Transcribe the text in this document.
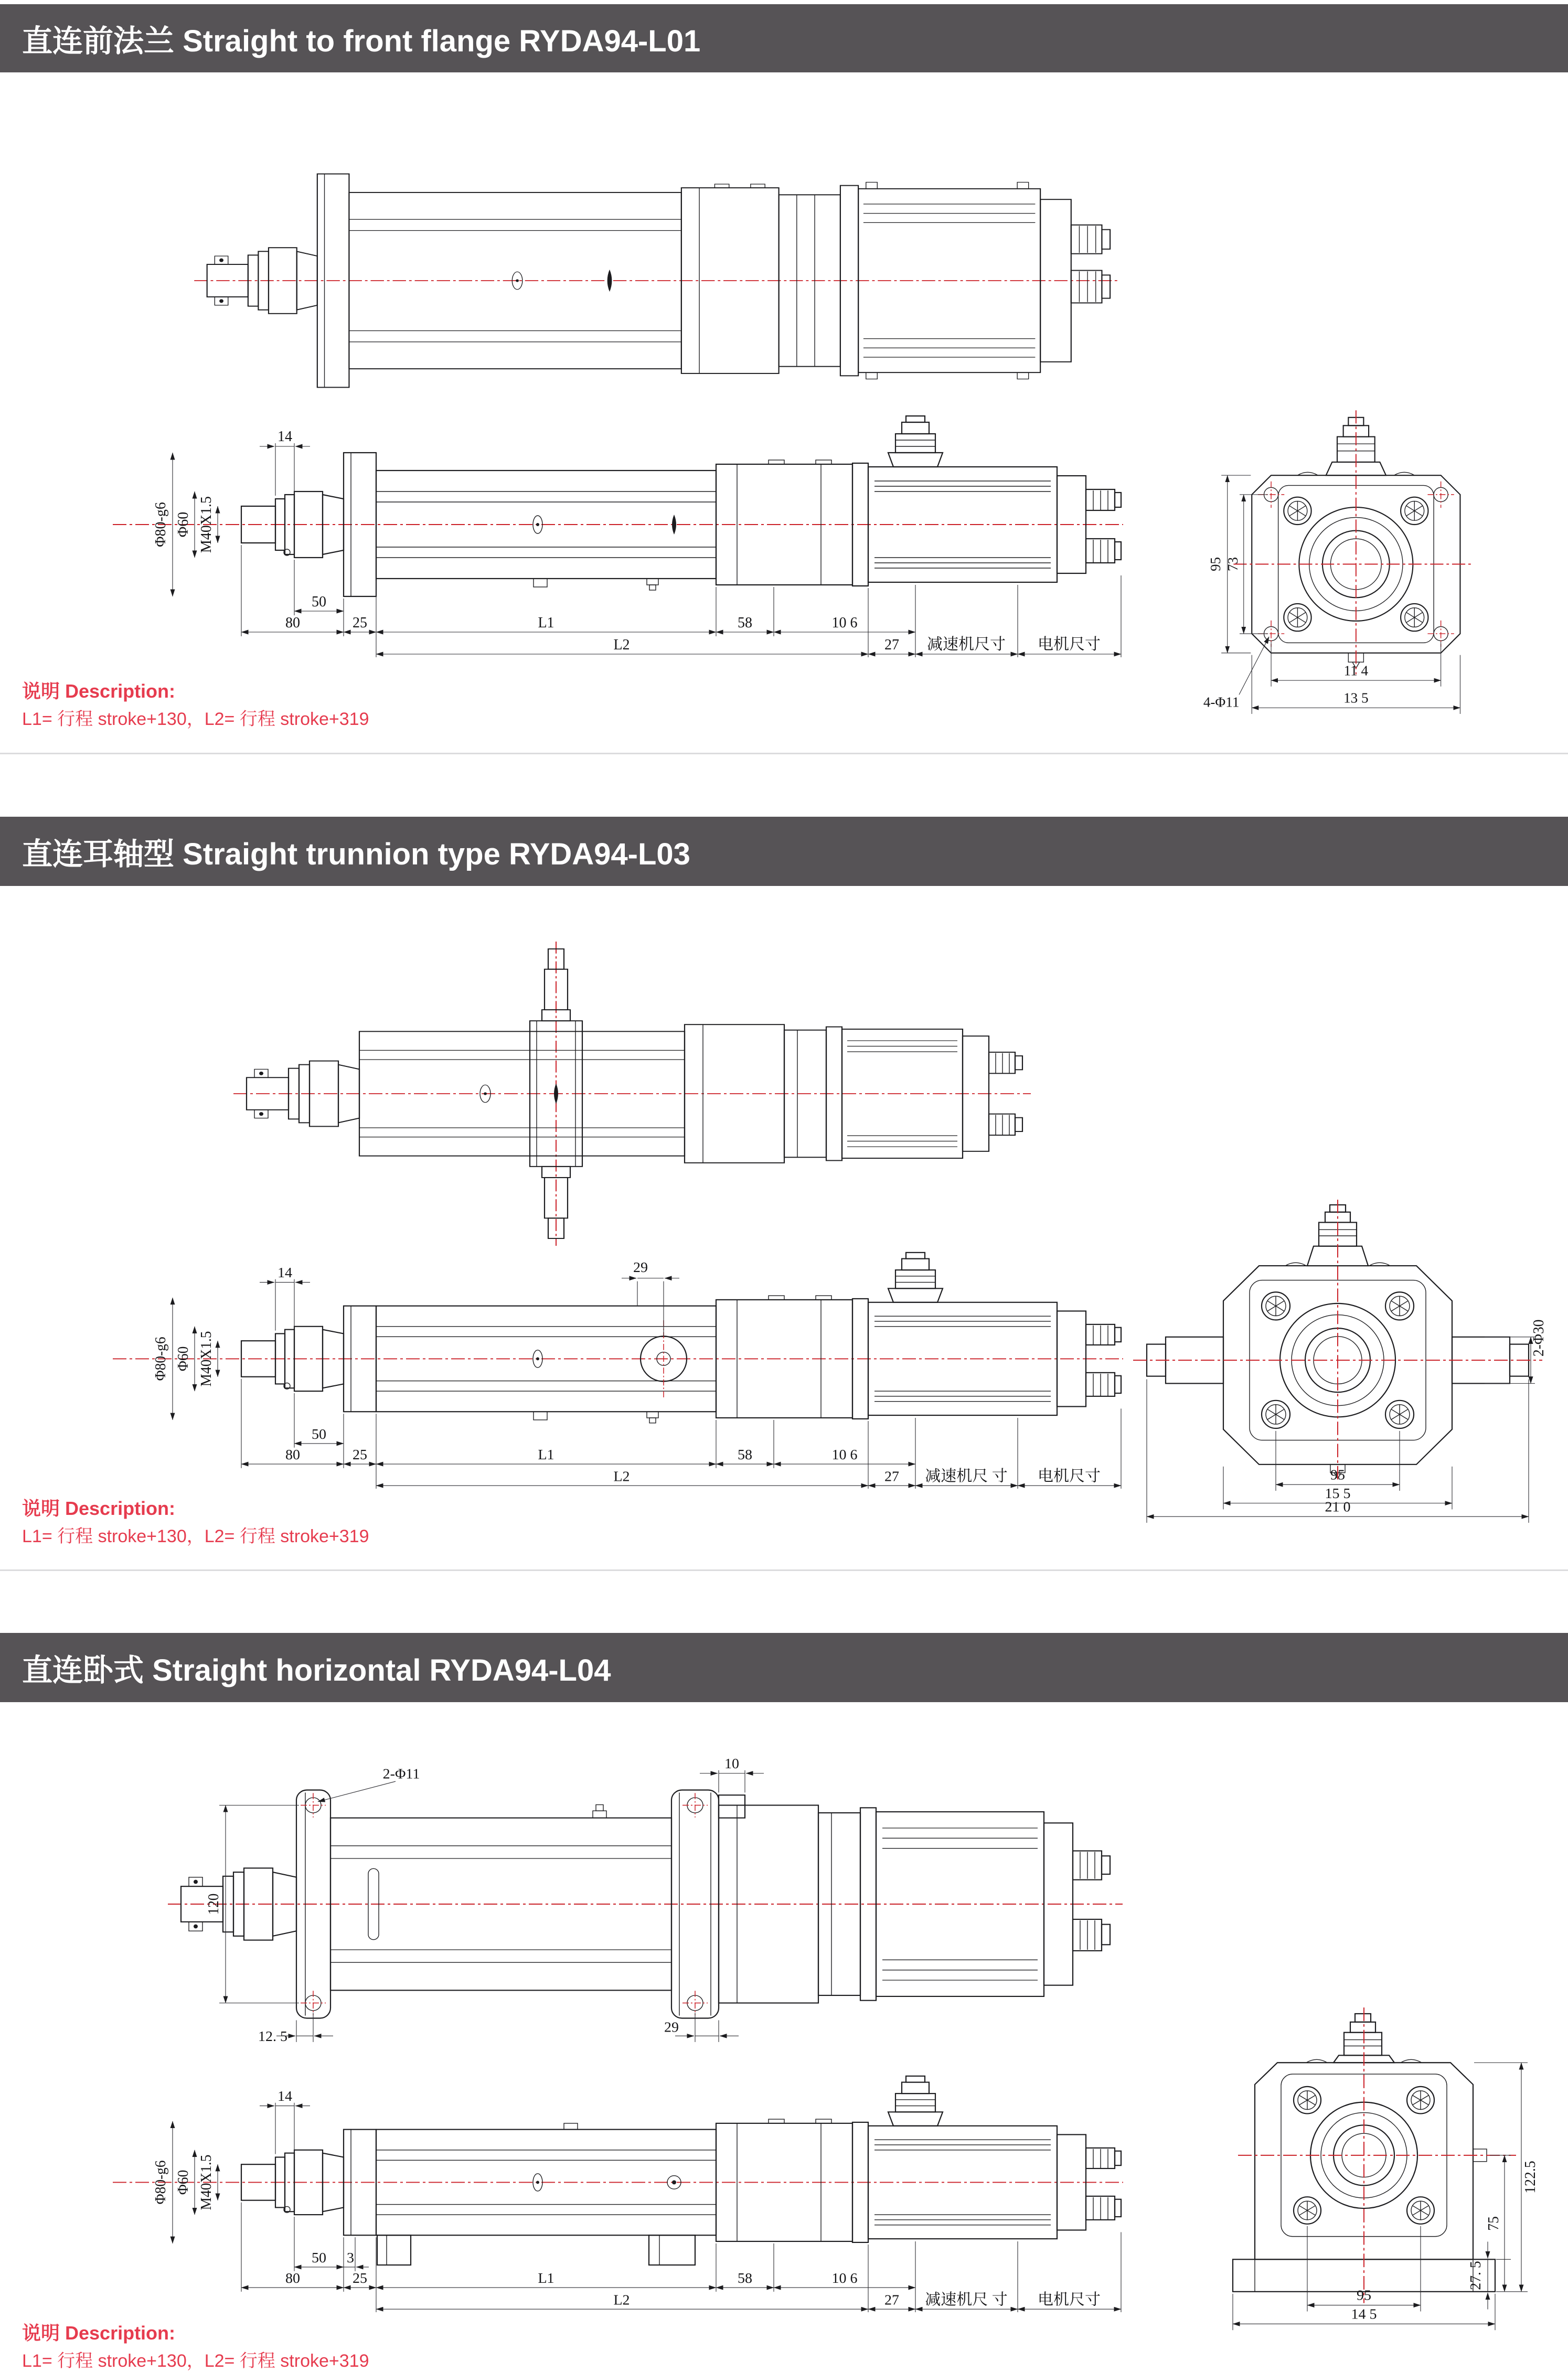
直连前法兰 Straight to front flange RYDA94-L01
Φ80-g6 Φ60 M40X1.5
14
50
80	25	L1	58	10 6
L2	27 减速机尺寸 电机尺寸
95 73
4-Φ11
11 4
13 5
说明 Description:
L1= 行程 stroke+130，L2= 行程 stroke+319
直连耳轴型 Straight trunnion type RYDA94-L03
Φ80-g6 Φ60 M40X1.5
14	29
50
80	25	L1	58	10 6
L2	27 减速机尺 寸 电机尺寸
2-Φ30
95
15 5
21 0
说明 Description:
L1= 行程 stroke+130，L2= 行程 stroke+319
直连卧式 Straight horizontal RYDA94-L04
2-Φ11
10
120
12. 5
29
Φ80-g6 Φ60 M40X1.5
14
50 3
80	25	L1	58	10 6
L2	27 减速机尺 寸 电机尺寸
122.5
75
27. 5
95
14 5
说明 Description:
L1= 行程 stroke+130，L2= 行程 stroke+319
